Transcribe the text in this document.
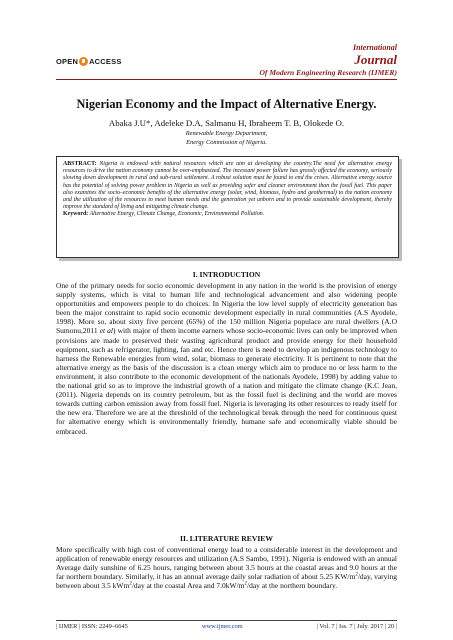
OPEN ACCESS
International
Journal
Of Modern Engineering Research (IJMER)
Nigerian Economy and the Impact of Alternative Energy.
Abaka J.U*, Adeleke D.A, Salmanu H, Ibraheem T. B, Olokede O.
Renewable Energy Department,
Energy Commission of Nigeria.
ABSTRACT: Nigeria is endowed with natural resources which are aim at developing the country.The need for alternative energy resources to drive the nation economy cannot be over-emphasized. The incessant power failure has grossly affected the economy, seriously slowing down development in rural and sub-rural settlement. A robust solution must be found to end the crises. Alternative energy source has the potential of solving power problem in Nigeria as well as providing safer and cleaner environment than the fossil fuel. This paper also examines the socio–economic benefits of the alternative energy (solar, wind, biomass, hydro and geothermal) to the nation economy and the utilization of the resources to meet human needs and the generation yet unborn and to provide sustainable development, thereby improve the standard of living and mitigating climate change.
Keyword: Alternative Energy, Climate Change, Economic, Environmental Pollution.
I. INTRODUCTION
One of the primary needs for socio economic development in any nation in the world is the provision of energy supply systems, which is vital to human life and technological advancement and also widening people opportunities and empowers people to do choices. In Nigeria the low level supply of electricity generation has been the major constraint to rapid socio economic development especially in rural communities (A.S Ayodele, 1998). More so, about sixty five percent (65%) of the 150 million Nigeria populace are rural dwellers (A.O Sumonu,2011 et al) with major of them income earners whose socio-economic lives can only be improved when provisions are made to preserved their wasting agricultural product and provide energy for their household equipment, such as refrigerator, lighting, fan and etc. Hence there is need to develop an indigenous technology to harness the Renewable energies from wind, solar, biomass to generate electricity. It is pertinent to note that the alternative energy as the basis of the discussion is a clean energy which aim to produce no or less harm to the environment, it also contribute to the economic development of the nationals Ayodele, 1998) by adding value to the national grid so as to improve the industrial growth of a nation and mitigate the climate change (K.C Jean, (2011). Nigeria depends on its country petroleum, but as the fossil fuel is declining and the world are moves towards cutting carbon emission away from fossil fuel. Nigeria is leveraging its other resources to ready itself for the new era. Therefore we are at the threshold of the technological break through the need for continuous quest for alternative energy which is environmentally friendly, humane safe and economically viable should be embraced.
II. LITERATURE REVIEW
More specifically with high cost of conventional energy lead to a considerable interest in the development and application of renewable energy resources and utilization (A.S Sambo, 1991). Nigeria is endowed with an annual Average daily sunshine of 6.25 hours, ranging between about 3.5 hours at the coastal areas and 9.0 hours at the far northern boundary. Similarly, it has an annual average daily solar radiation of about 5.25 $KW/m^2$/day, varying between about 3.5 kWm$^2$/day at the coastal Area and $7.0kW/m^2$/day at the northern boundary.
| IJMER | ISSN: 2249–6645	www.ijmer.com	| Vol. 7 | Iss. 7 | July. 2017 | 20 |
